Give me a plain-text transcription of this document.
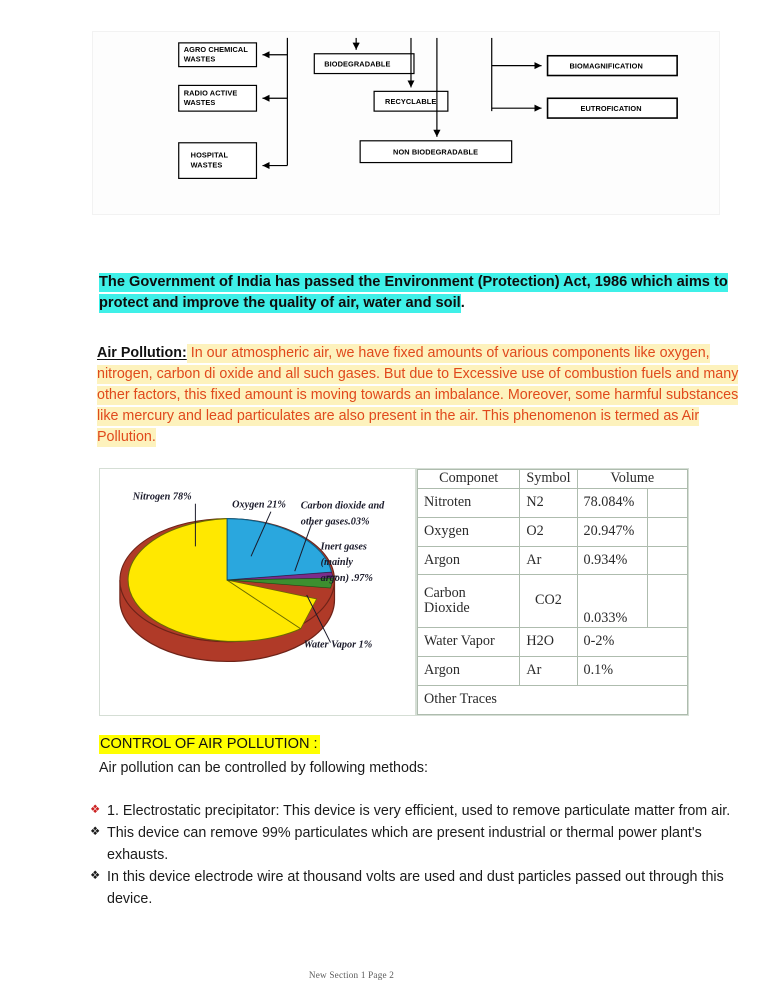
AGRO CHEMICAL
WASTES
RADIO ACTIVE
WASTES
HOSPITAL
WASTES
BIODEGRADABLE
RECYCLABLE
NON BIODEGRADABLE
BIOMAGNIFICATION
EUTROFICATION
The Government of India has passed the Environment (Protection) Act, 1986 which aims to protect and improve the quality of air, water and soil.
Air Pollution: In our atmospheric air, we have fixed amounts of various components like oxygen, nitrogen, carbon di oxide and all such gases. But due to Excessive use of combustion fuels and many other factors, this fixed amount is moving towards an imbalance. Moreover, some harmful substances like mercury and lead particulates are also present in the air. This phenomenon is termed as Air Pollution.
Nitrogen 78%
Oxygen 21% Carbon dioxide and
other gases.03%
Inert gases
(mainly
argon) .97%
Water Vapor 1%
Componet	Symbol	Volume	
Nitroten	N2	78.084%	
Oxygen	O2	20.947%	
Argon	Ar	0.934%	
Carbon
Dioxide	CO2	0.033%	
Water Vapor	H2O	0-2%	
Argon	Ar	0.1%	
Other Traces			
CONTROL OF AIR POLLUTION :
Air pollution can be controlled by following methods:
❖ 1. Electrostatic precipitator: This device is very efficient, used to remove particulate matter from air.
❖ This device can remove 99% particulates which are present industrial or thermal power plant's exhausts.
❖ In this device electrode wire at thousand volts are used and dust particles passed out through this device.
New Section 1 Page 2
